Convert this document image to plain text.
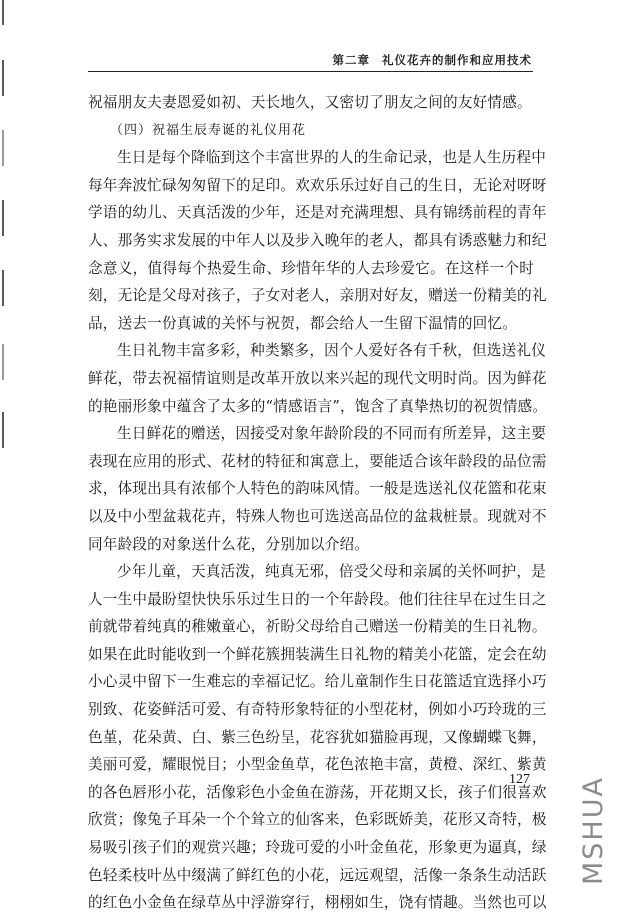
第二章 礼仪花卉的制作和应用技术
祝福朋友夫妻恩爱如初、天长地久，又密切了朋友之间的友好情感。
（四）祝福生辰寿诞的礼仪用花
生日是每个降临到这个丰富世界的人的生命记录，也是人生历程中
每年奔波忙碌匆匆留下的足印。欢欢乐乐过好自己的生日，无论对呀呀
学语的幼儿、天真活泼的少年，还是对充满理想、具有锦绣前程的青年
人、那务实求发展的中年人以及步入晚年的老人，都具有诱惑魅力和纪
念意义，值得每个热爱生命、珍惜年华的人去珍爱它。在这样一个时
刻，无论是父母对孩子，子女对老人，亲朋对好友，赠送一份精美的礼
品，送去一份真诚的关怀与祝贺，都会给人一生留下温情的回忆。
生日礼物丰富多彩，种类繁多，因个人爱好各有千秋，但选送礼仪
鲜花，带去祝福情谊则是改革开放以来兴起的现代文明时尚。因为鲜花
的艳丽形象中蕴含了太多的“情感语言”，饱含了真挚热切的祝贺情感。
生日鲜花的赠送，因接受对象年龄阶段的不同而有所差异，这主要
表现在应用的形式、花材的特征和寓意上，要能适合该年龄段的品位需
求，体现出具有浓郁个人特色的韵味风情。一般是选送礼仪花篮和花束
以及中小型盆栽花卉，特殊人物也可选送高品位的盆栽桩景。现就对不
同年龄段的对象送什么花，分别加以介绍。
少年儿童，天真活泼，纯真无邪，倍受父母和亲属的关怀呵护，是
人一生中最盼望快快乐乐过生日的一个年龄段。他们往往早在过生日之
前就带着纯真的稚嫩童心，祈盼父母给自己赠送一份精美的生日礼物。
如果在此时能收到一个鲜花簇拥装满生日礼物的精美小花篮，定会在幼
小心灵中留下一生难忘的幸福记忆。给儿童制作生日花篮适宜选择小巧
别致、花姿鲜活可爱、有奇特形象特征的小型花材，例如小巧玲珑的三
色堇，花朵黄、白、紫三色纷呈，花容犹如猫脸再现，又像蝴蝶飞舞，
美丽可爱，耀眼悦目；小型金鱼草，花色浓艳丰富，黄橙、深红、紫黄
的各色唇形小花，活像彩色小金鱼在游荡，开花期又长，孩子们很喜欢
欣赏；像兔子耳朵一个个耸立的仙客来，色彩既娇美，花形又奇特，极
易吸引孩子们的观赏兴趣；玲珑可爱的小叶金鱼花，形象更为逼真，绿
色轻柔枝叶丛中缀满了鲜红色的小花，远远观望，活像一条条生动活跃
的红色小金鱼在绿草丛中浮游穿行，栩栩如生，饶有情趣。当然也可以
127 MSHUA
